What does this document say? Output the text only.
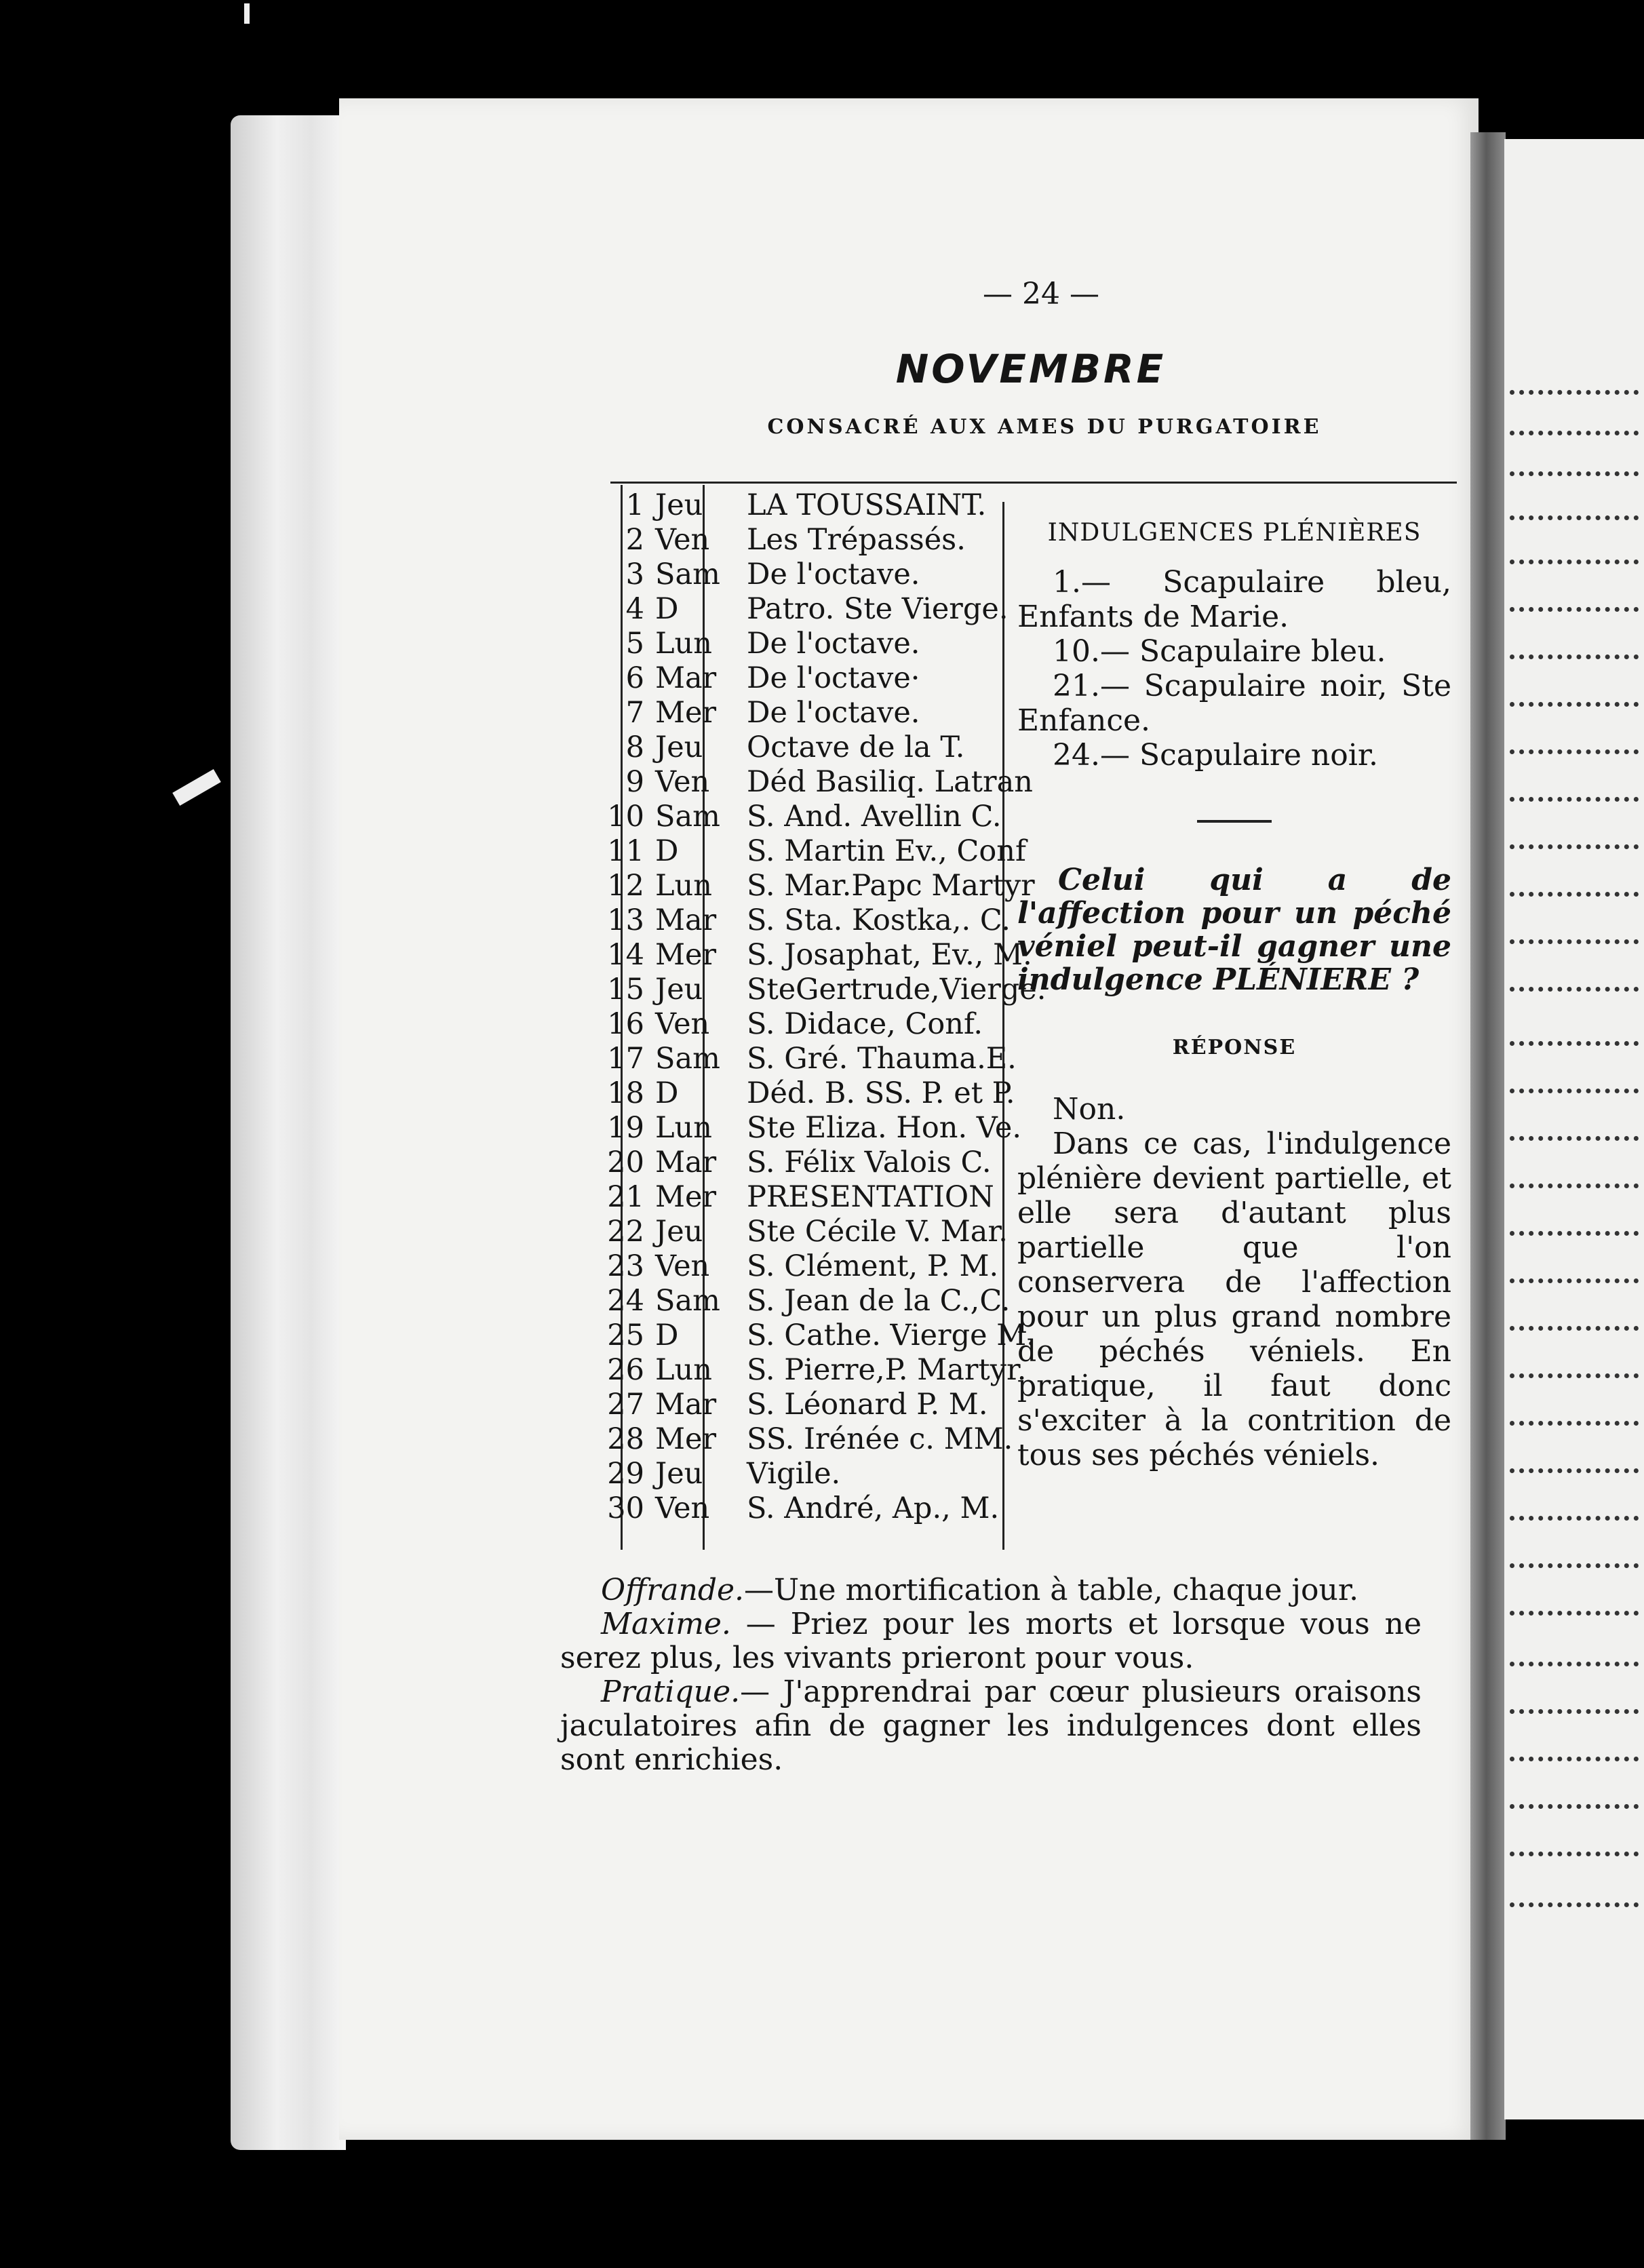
— 24 —
NOVEMBRE
CONSACRÉ AUX AMES DU PURGATOIRE
1 Jeu	LA TOUSSAINT.
2 Ven	Les Trépassés.
3 Sam De l'octave.
4 D	Patro. Ste Vierge.
5 Lun	De l'octave.
6 Mar	De l'octave·
7 Mer	De l'octave.
8 Jeu	Octave de la T.
9 Ven	Déd Basiliq. Latran
10 Sam S. And. Avellin C.
11 D	S. Martin Ev., Conf
12 Lun	S. Mar.Papc Martyr
13 Mar	S. Sta. Kostka,. C.
14 Mer	S. Josaphat, Ev., M.
15 Jeu	SteGertrude,Vierge.
16 Ven	S. Didace, Conf.
17 Sam S. Gré. Thauma.E.
18 D	Déd. B. SS. P. et P.
19 Lun	Ste Eliza. Hon. Ve.
20 Mar	S. Félix Valois C.
21 Mer	PRESENTATION
22 Jeu	Ste Cécile V. Mar.
23 Ven	S. Clément, P. M.
24 Sam S. Jean de la C.,C.
25 D	S. Cathe. Vierge M.
26 Lun	S. Pierre,P. Martyr.
27 Mar	S. Léonard P. M.
28 Mer	SS. Irénée c. MM.
29 Jeu	Vigile.
30 Ven	S. André, Ap., M.
INDULGENCES PLÉNIÈRES
1.— Scapulaire bleu, Enfants de Marie.
10.— Scapulaire bleu.
21.— Scapulaire noir, Ste Enfance.
24.— Scapulaire noir.
Celui qui a de l'affection pour un péché véniel peut-il gagner une indulgence PLÉNIERE ?
RÉPONSE
Non.
Dans ce cas, l'indulgence plénière devient partielle, et elle sera d'autant plus partielle que l'on conservera de l'affection pour un plus grand nombre de péchés véniels. En pratique, il faut donc s'exciter à la contrition de tous ses péchés véniels.

Offrande.—Une mortification à table, chaque jour.

Maxime. — Priez pour les morts et lorsque vous ne serez plus, les vivants prieront pour vous.

Pratique.— J'apprendrai par cœur plusieurs oraisons jaculatoires afin de gagner les indulgences dont elles sont enrichies.
